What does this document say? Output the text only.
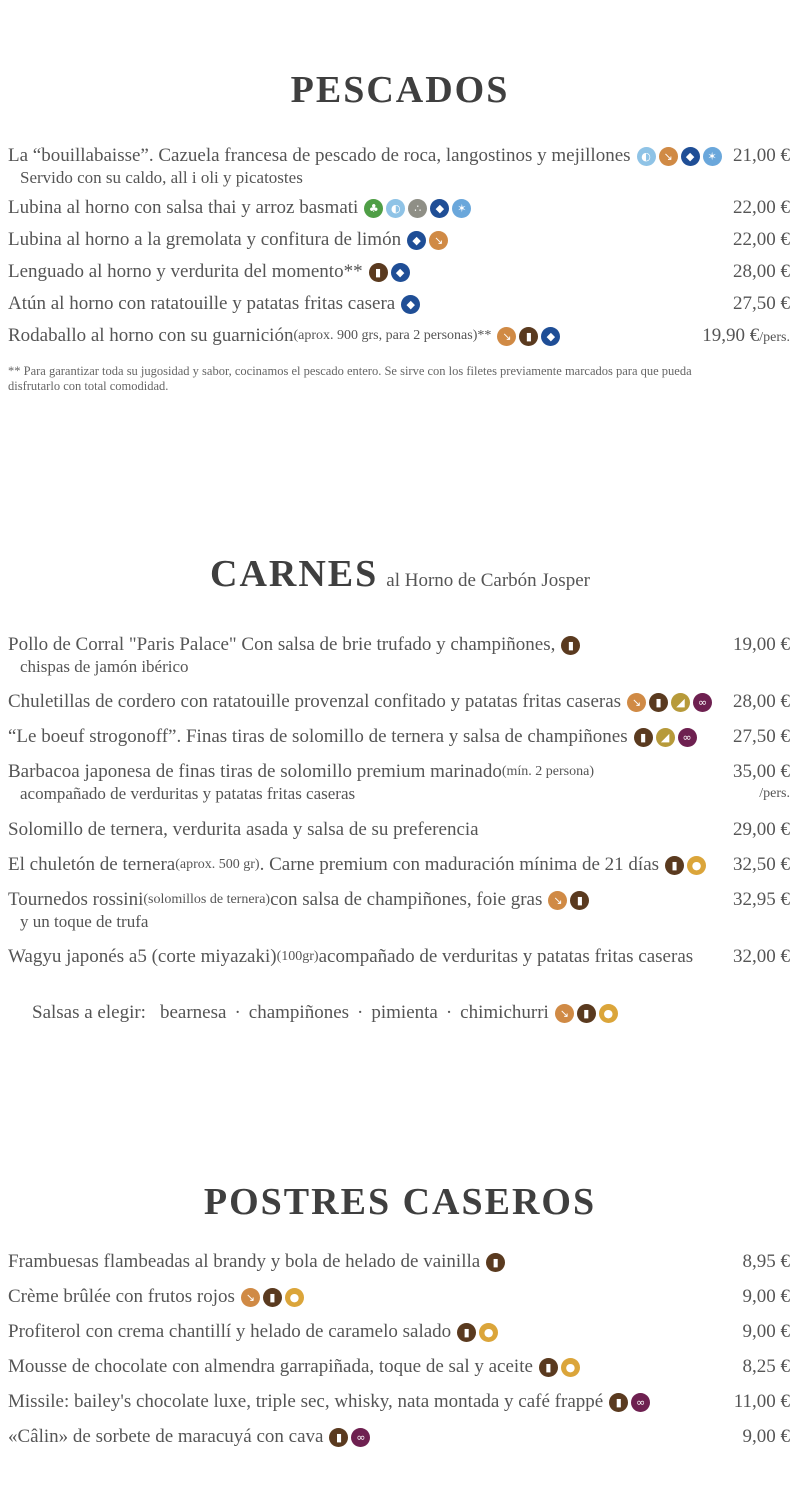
PESCADOS
La “bouillabaisse”. Cazuela francesa de pescado de roca, langostinos y mejillones ◐	↘	◆	✶
Servido con su caldo, all i oli y picatostes
21,00 €
Lubina al horno con salsa thai y arroz basmati ♣	◐	∴	◆	✶	22,00 €
Lubina al horno a la gremolata y confitura de limón	◆	↘	22,00 €
Lenguado al horno y verdurita del momento**	▮	◆	28,00 €
Atún al horno con ratatouille y patatas fritas casera	◆	27,50 €
Rodaballo al horno con su guarnición (aprox. 900 grs, para 2 personas)** ↘	▮	◆	19,90 €/pers.
** Para garantizar toda su jugosidad y sabor, cocinamos el pescado entero. Se sirve con los filetes previamente marcados para que pueda disfrutarlo con total comodidad.
CARNES al Horno de Carbón Josper
Pollo de Corral "Paris Palace" Con salsa de brie trufado y champiñones,	▮
chispas de jamón ibérico
19,00 €
Chuletillas de cordero con ratatouille provenzal confitado y patatas fritas caseras ↘	▮	◢	∞ 28,00 €
“Le boeuf strogonoff”. Finas tiras de solomillo de ternera y salsa de champiñones	▮	◢	∞ 27,50 €
Barbacoa japonesa de finas tiras de solomillo premium marinado (mín. 2 persona)
acompañado de verduritas y patatas fritas caseras
35,00 €
/pers.
Solomillo de ternera, verdurita asada y salsa de su preferencia	29,00 €
El chuletón de ternera (aprox. 500 gr) . Carne premium con maduración mínima de 21 días	▮	● 32,50 €
Tournedos rossini (solomillos de ternera) con salsa de champiñones, foie gras ↘	▮
y un toque de trufa
32,95 €
Wagyu japonés a5 (corte miyazaki) (100gr) acompañado de verduritas y patatas fritas caseras 32,00 €
Salsas a elegir: bearnesa · champiñones · pimienta · chimichurri ↘	▮	●
POSTRES CASEROS
Frambuesas flambeadas al brandy y bola de helado de vainilla	▮	8,95 €
Crème brûlée con frutos rojos ↘	▮	●	9,00 €
Profiterol con crema chantillí y helado de caramelo salado	▮	●	9,00 €
Mousse de chocolate con almendra garrapiñada, toque de sal y aceite	▮	●	8,25 €
Missile: bailey's chocolate luxe, triple sec, whisky, nata montada y café frappé	▮	∞	11,00 €
«Câlin» de sorbete de maracuyá con cava	▮	∞	9,00 €
